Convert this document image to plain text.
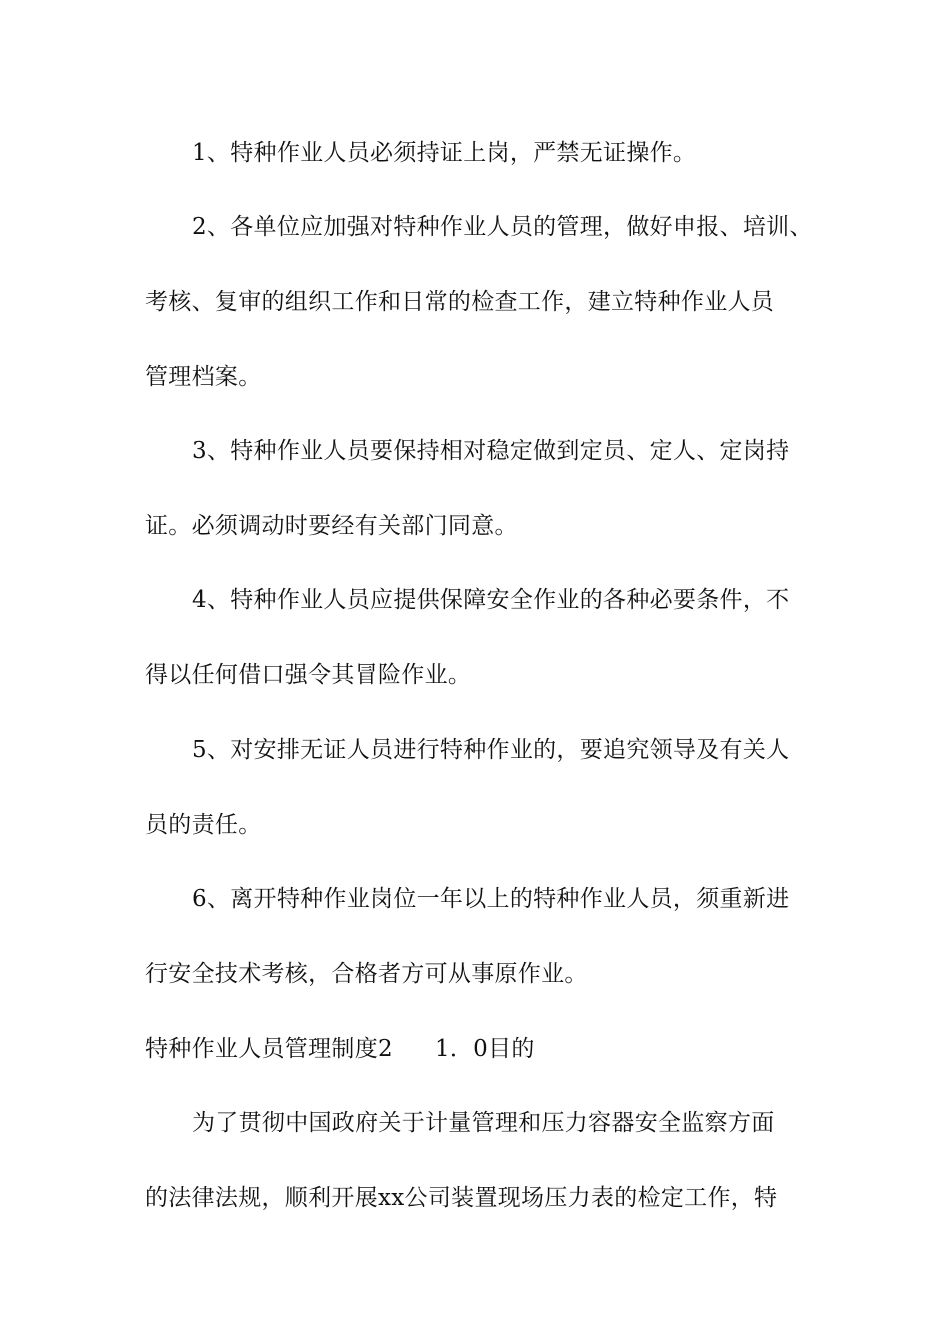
1、特种作业人员必须持证上岗，严禁无证操作。
2、各单位应加强对特种作业人员的管理，做好申报、培训、
考核、复审的组织工作和日常的检查工作，建立特种作业人员
管理档案。
3、特种作业人员要保持相对稳定做到定员、定人、定岗持
证。必须调动时要经有关部门同意。
4、特种作业人员应提供保障安全作业的各种必要条件，不
得以任何借口强令其冒险作业。
5、对安排无证人员进行特种作业的，要追究领导及有关人
员的责任。
6、离开特种作业岗位一年以上的特种作业人员，须重新进
行安全技术考核，合格者方可从事原作业。
特种作业人员管理制度2 1．0目的
为了贯彻中国政府关于计量管理和压力容器安全监察方面
的法律法规，顺利开展xx公司装置现场压力表的检定工作，特
